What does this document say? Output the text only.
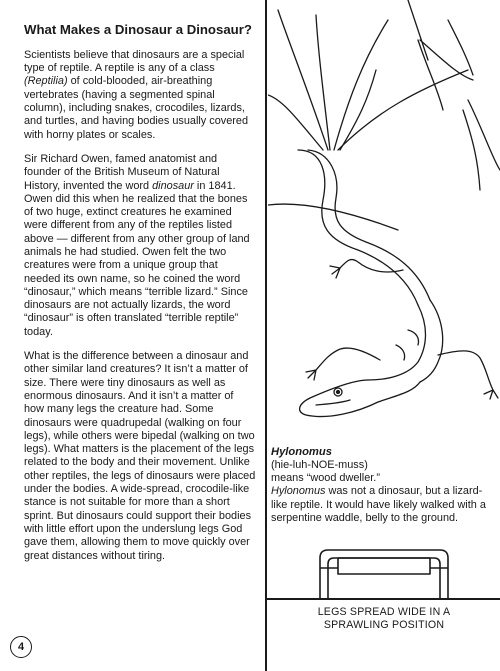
What Makes a Dinosaur a Dinosaur?

Scientists believe that dinosaurs are a special type of reptile. A reptile is any of a class (Reptilia) of cold-blooded, air-breathing vertebrates (having a segmented spinal column), including snakes, crocodiles, lizards, and turtles, and having bodies usually covered with horny plates or scales.

Sir Richard Owen, famed anatomist and founder of the British Museum of Natural History, invented the word dinosaur in 1841. Owen did this when he realized that the bones of two huge, extinct creatures he examined were different from any of the reptiles listed above — different from any other group of land animals he had studied. Owen felt the two creatures were from a unique group that needed its own name, so he coined the word “dinosaur,” which means “terrible lizard.” Since dinosaurs are not actually lizards, the word “dinosaur” is often translated “terrible reptile” today.

What is the difference between a dinosaur and other similar land creatures? It isn’t a matter of size. There were tiny dinosaurs as well as enormous dinosaurs. And it isn’t a matter of how many legs the creature had. Some dinosaurs were quadrupedal (walking on four legs), while others were bipedal (walking on two legs). What matters is the placement of the legs related to the body and their movement. Unlike other reptiles, the legs of dinosaurs were placed under the bodies. A wide-spread, crocodile-like stance is not suitable for more than a short sprint. But dinosaurs could support their bodies with little effort upon the underslung legs God gave them, allowing them to move quickly over great distances without tiring.

Hylonomus
(hie-luh-NOE-muss)
means “wood dweller.”
Hylonomus was not a dinosaur, but a lizard-like reptile. It would have likely walked with a serpentine waddle, belly to the ground.
LEGS SPREAD WIDE IN A
SPRAWLING POSITION
4
